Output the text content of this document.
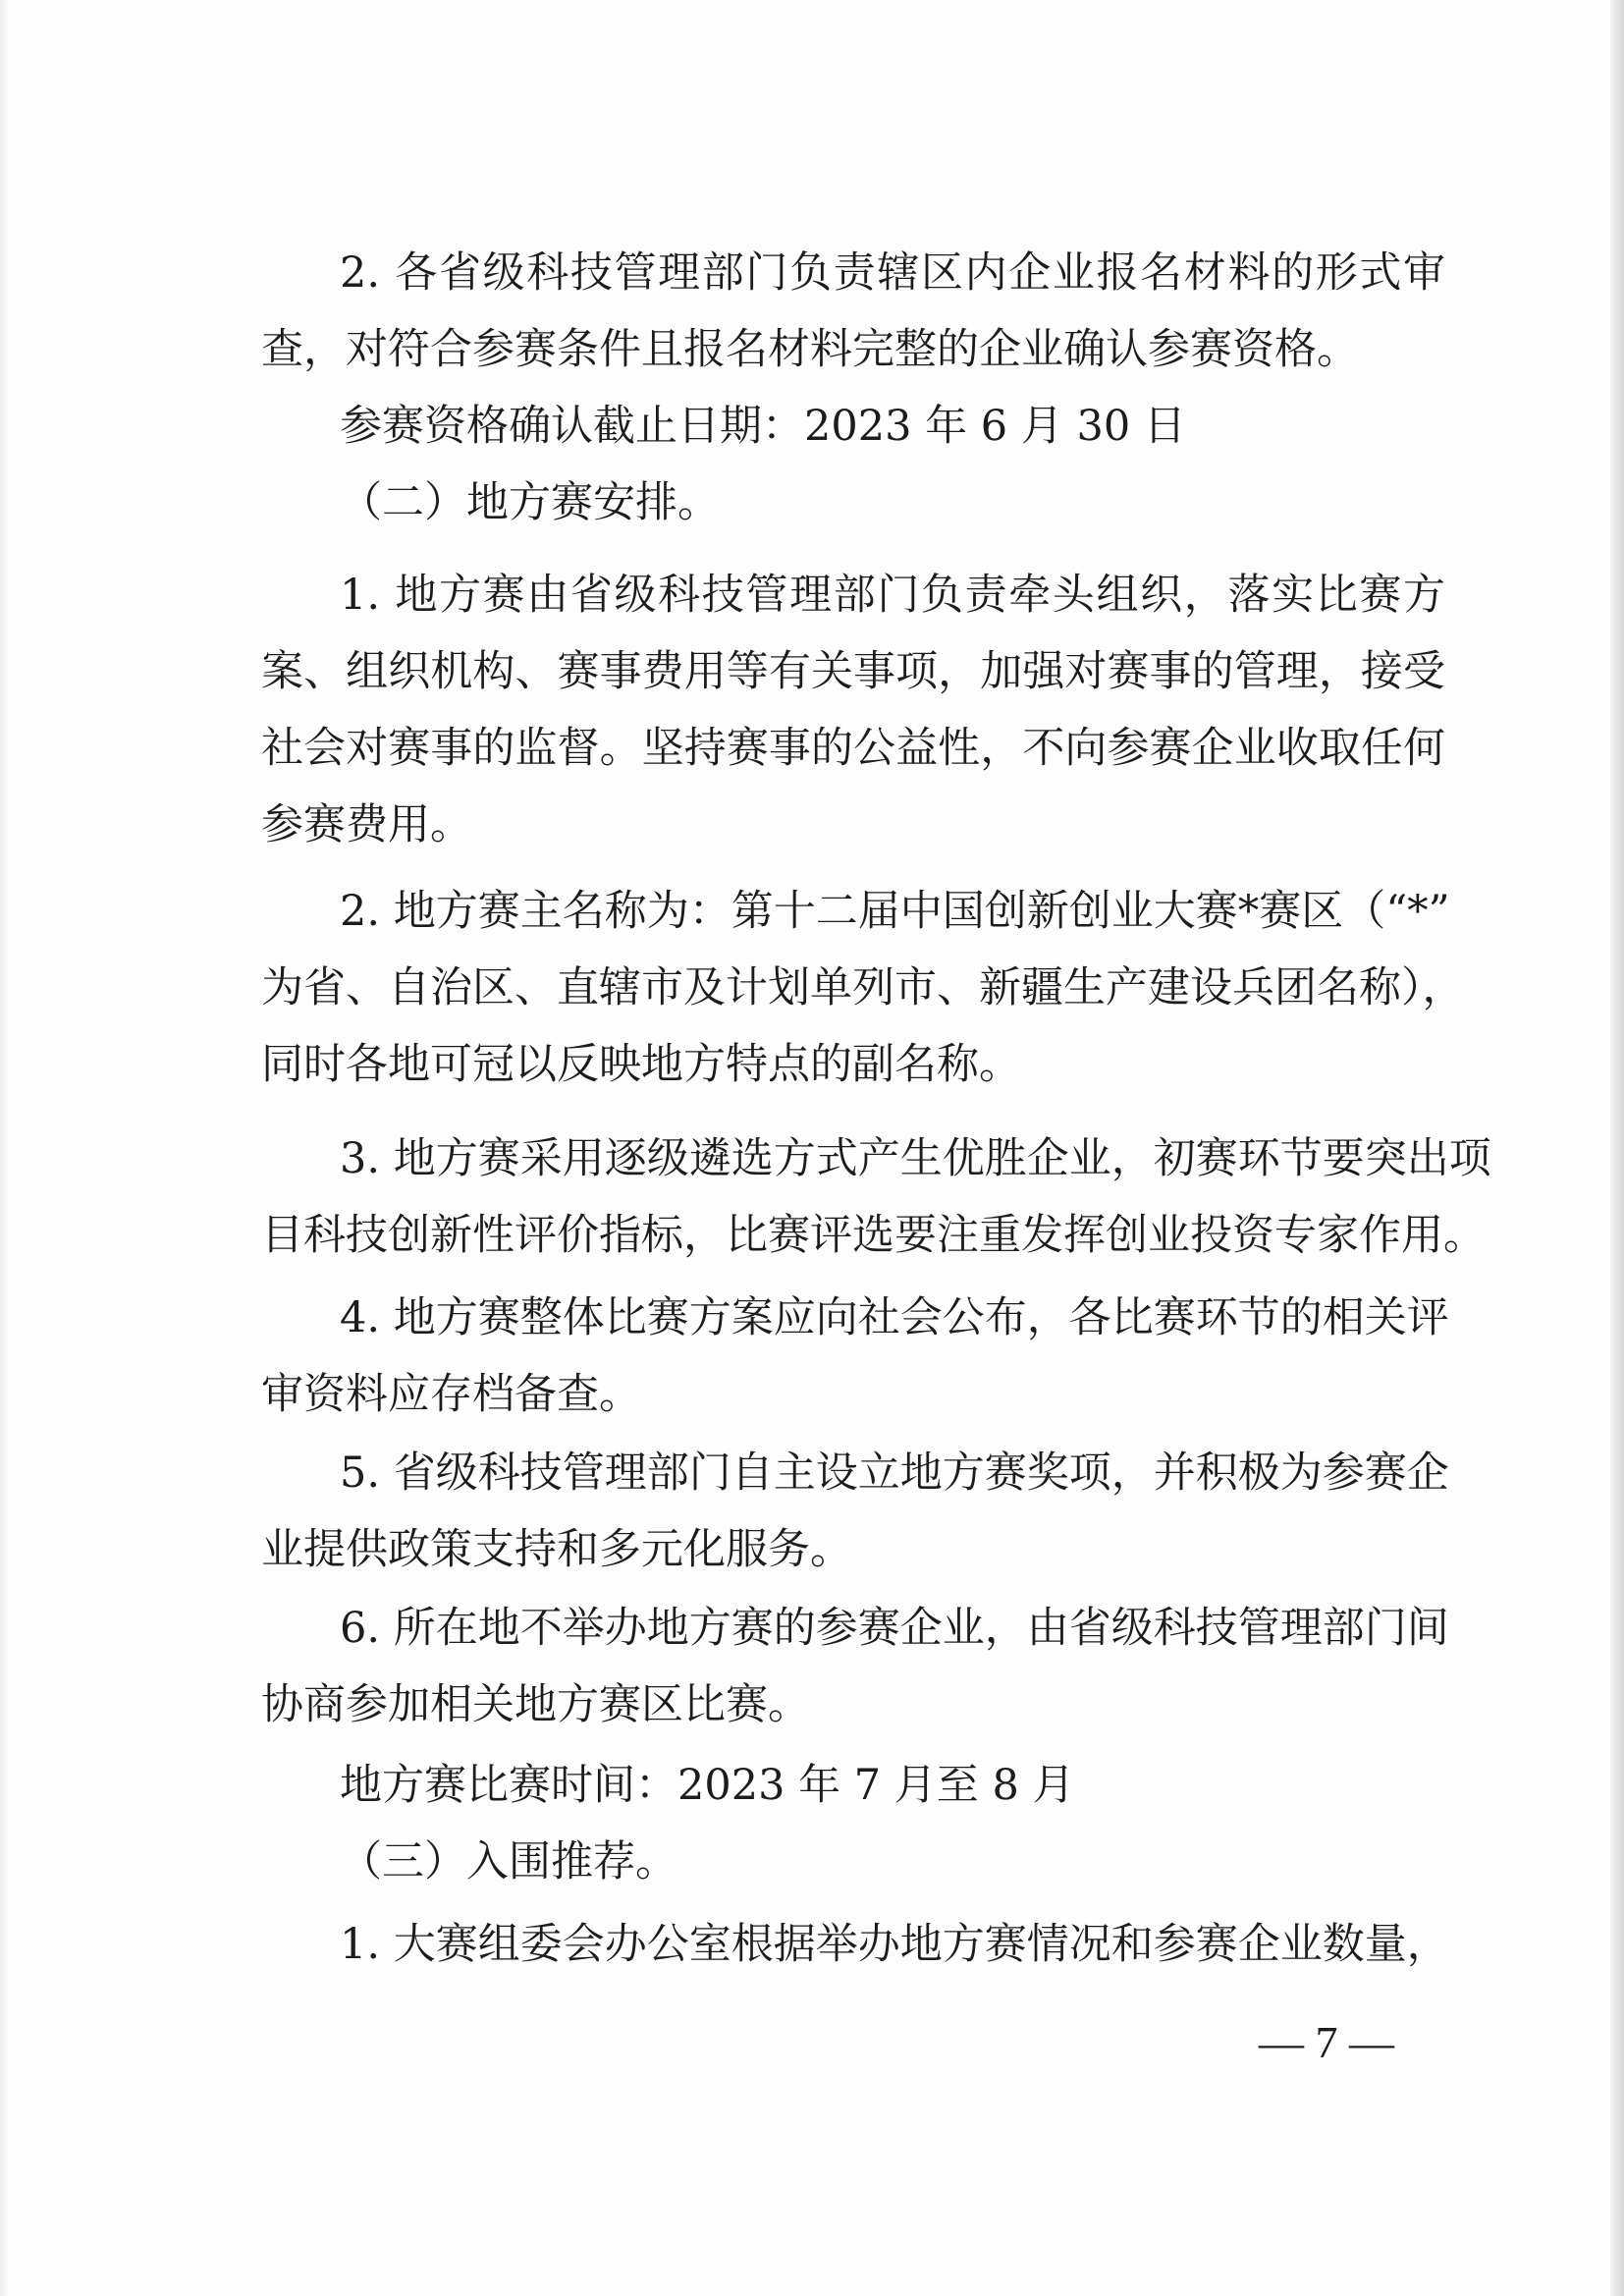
2. 各省级科技管理部门负责辖区内企业报名材料的形式审

查，对符合参赛条件且报名材料完整的企业确认参赛资格。

参赛资格确认截止日期：2023 年 6 月 30 日

（二）地方赛安排。

1. 地方赛由省级科技管理部门负责牵头组织，落实比赛方

案、组织机构、赛事费用等有关事项，加强对赛事的管理，接受

社会对赛事的监督。坚持赛事的公益性，不向参赛企业收取任何

参赛费用。

2. 地方赛主名称为：第十二届中国创新创业大赛*赛区（“*”

为省、自治区、直辖市及计划单列市、新疆生产建设兵团名称），

同时各地可冠以反映地方特点的副名称。

3. 地方赛采用逐级遴选方式产生优胜企业，初赛环节要突出项

目科技创新性评价指标，比赛评选要注重发挥创业投资专家作用。

4. 地方赛整体比赛方案应向社会公布，各比赛环节的相关评

审资料应存档备查。

5. 省级科技管理部门自主设立地方赛奖项，并积极为参赛企

业提供政策支持和多元化服务。

6. 所在地不举办地方赛的参赛企业，由省级科技管理部门间

协商参加相关地方赛区比赛。

地方赛比赛时间：2023 年 7 月至 8 月

（三）入围推荐。

1. 大赛组委会办公室根据举办地方赛情况和参赛企业数量，

— 7 —
